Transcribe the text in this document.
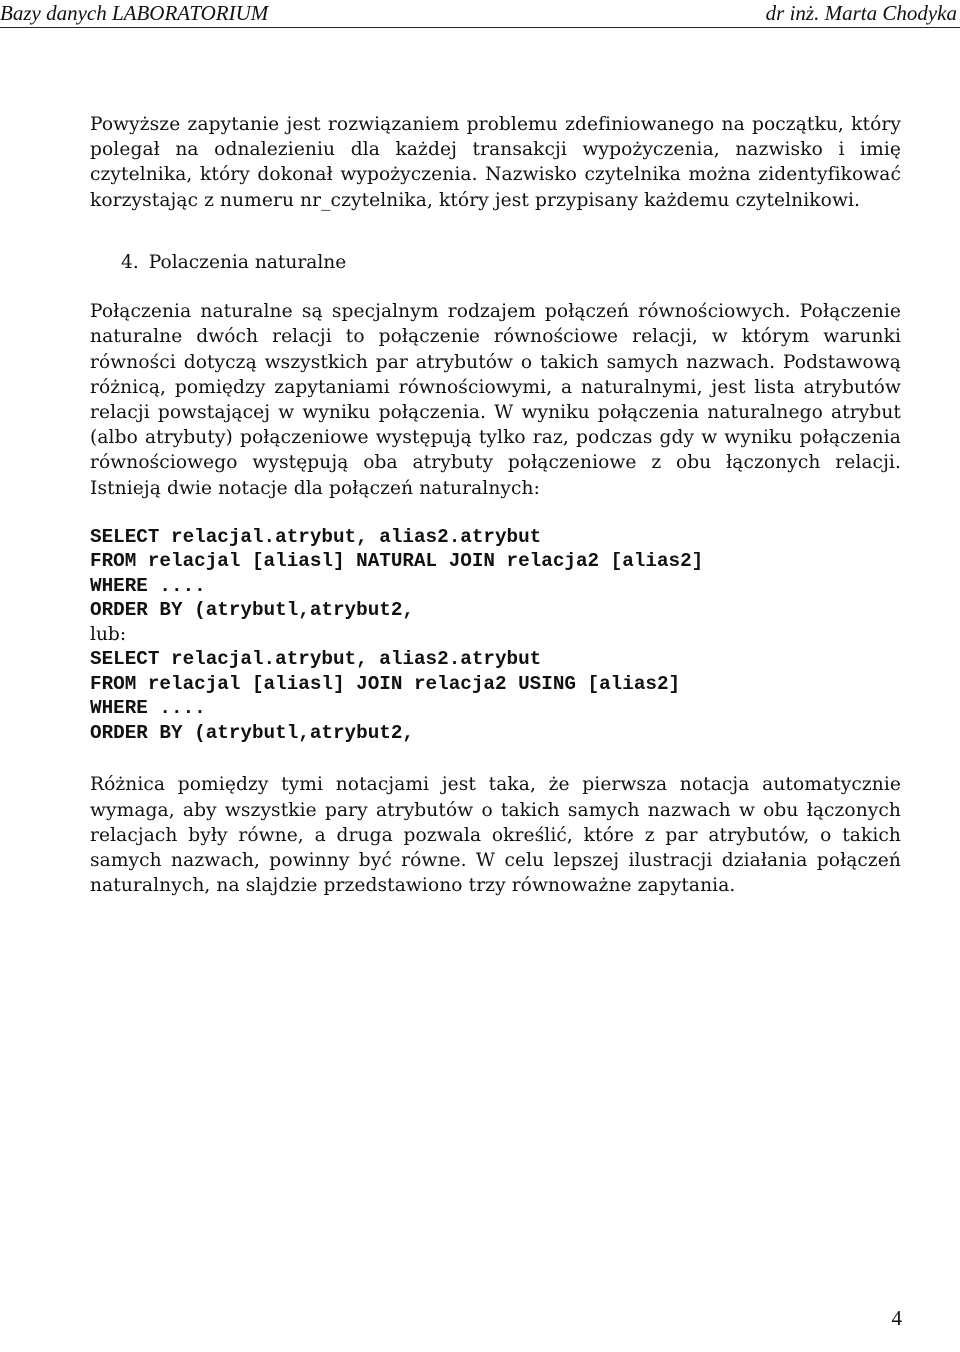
Bazy danych LABORATORIUM	dr inż. Marta Chodyka

Powyższe zapytanie jest rozwiązaniem problemu zdefiniowanego na początku, który polegał na odnalezieniu dla każdej transakcji wypożyczenia, nazwisko i imię czytelnika, który dokonał wypożyczenia. Nazwisko czytelnika można zidentyfikować korzystając z numeru nr_czytelnika, który jest przypisany każdemu czytelnikowi.

4. Polaczenia naturalne

Połączenia naturalne są specjalnym rodzajem połączeń równościowych. Połączenie naturalne dwóch relacji to połączenie równościowe relacji, w którym warunki równości dotyczą wszystkich par atrybutów o takich samych nazwach. Podstawową różnicą, pomiędzy zapytaniami równościowymi, a naturalnymi, jest lista atrybutów relacji powstającej w wyniku połączenia. W wyniku połączenia naturalnego atrybut (albo atrybuty) połączeniowe występują tylko raz, podczas gdy w wyniku połączenia równościowego występują oba atrybuty połączeniowe z obu łączonych relacji. Istnieją dwie notacje dla połączeń naturalnych:

SELECT relacjal.atrybut, alias2.atrybut

FROM relacjal [aliasl] NATURAL JOIN relacja2 [alias2]

WHERE ....

ORDER BY (atrybutl,atrybut2,

lub:

SELECT relacjal.atrybut, alias2.atrybut

FROM relacjal [aliasl] JOIN relacja2 USING [alias2]

WHERE ....

ORDER BY (atrybutl,atrybut2,

Różnica pomiędzy tymi notacjami jest taka, że pierwsza notacja automatycznie wymaga, aby wszystkie pary atrybutów o takich samych nazwach w obu łączonych relacjach były równe, a druga pozwala określić, które z par atrybutów, o takich samych nazwach, powinny być równe. W celu lepszej ilustracji działania połączeń naturalnych, na slajdzie przedstawiono trzy równoważne zapytania.

4
